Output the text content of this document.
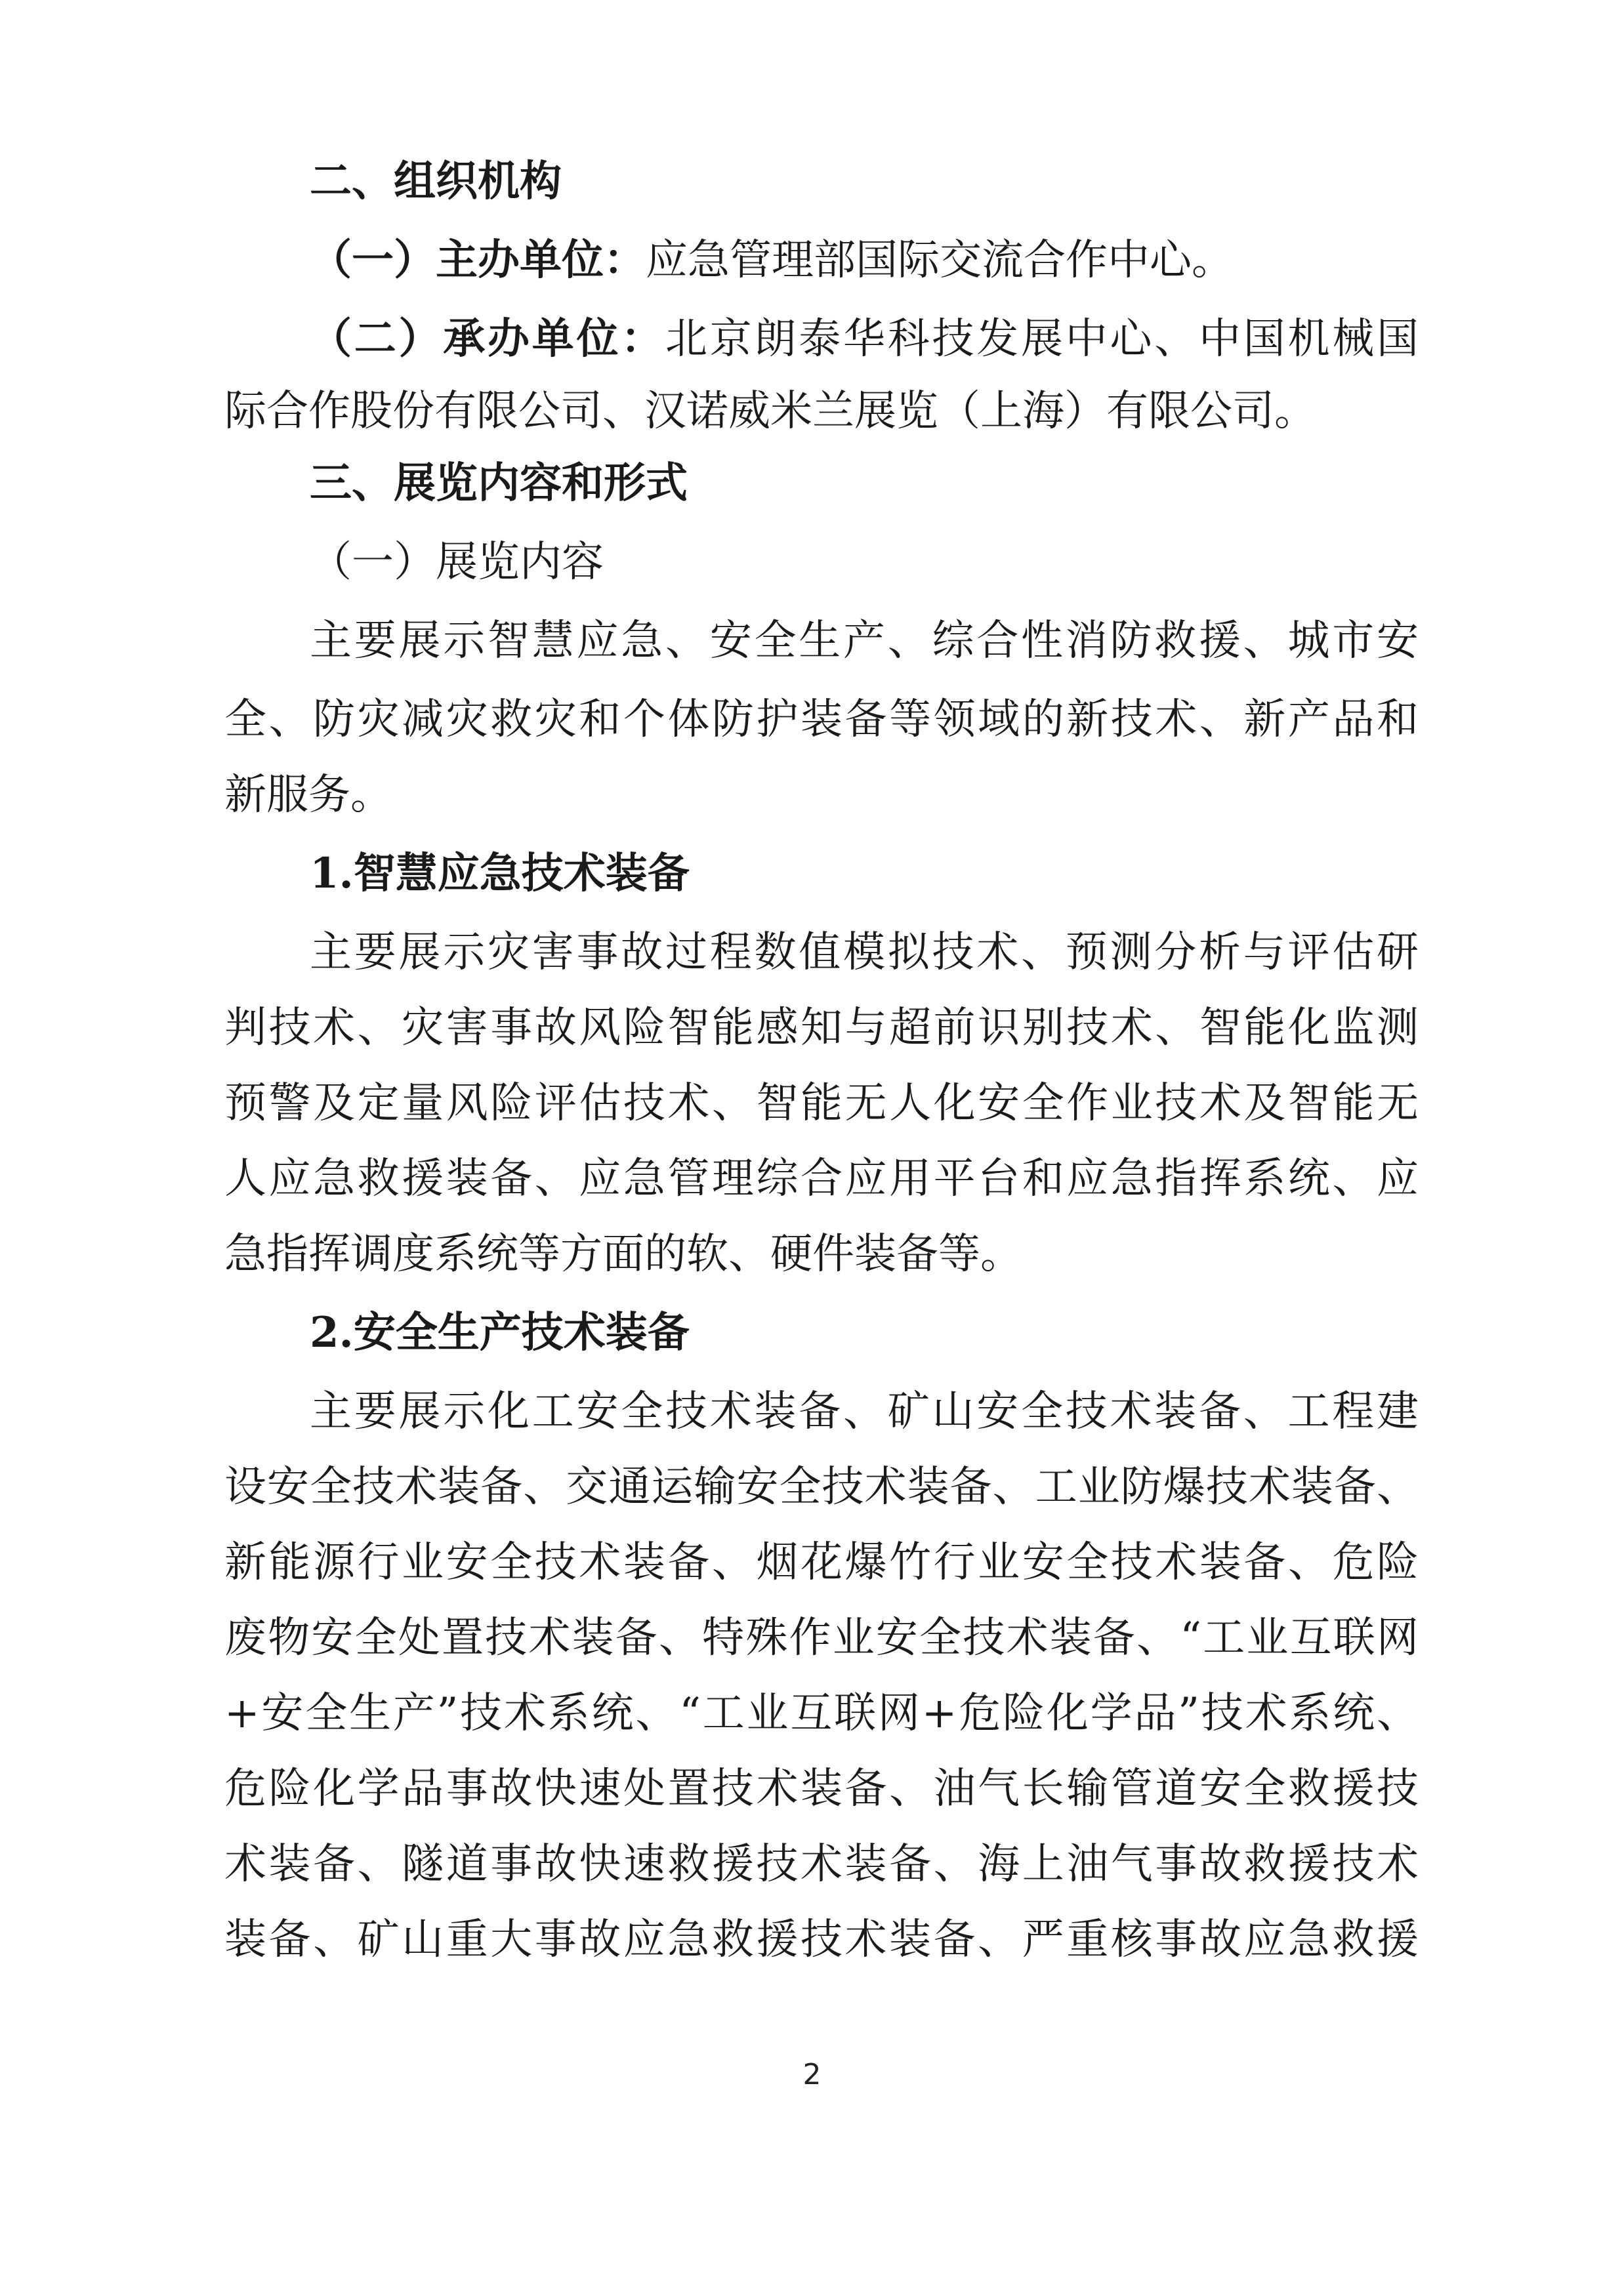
二、组织机构
（一）主办单位：应急管理部国际交流合作中心。
（二）承办单位：北京朗泰华科技发展中心、中国机械国
际合作股份有限公司、汉诺威米兰展览（上海）有限公司。
三、展览内容和形式
（一）展览内容
主要展示智慧应急、安全生产、综合性消防救援、城市安
全、防灾减灾救灾和个体防护装备等领域的新技术、新产品和
新服务。
1.智慧应急技术装备
主要展示灾害事故过程数值模拟技术、预测分析与评估研
判技术、灾害事故风险智能感知与超前识别技术、智能化监测
预警及定量风险评估技术、智能无人化安全作业技术及智能无
人应急救援装备、应急管理综合应用平台和应急指挥系统、应
急指挥调度系统等方面的软、硬件装备等。
2.安全生产技术装备
主要展示化工安全技术装备、矿山安全技术装备、工程建
设安全技术装备、交通运输安全技术装备、工业防爆技术装备、
新能源行业安全技术装备、烟花爆竹行业安全技术装备、危险
废物安全处置技术装备、特殊作业安全技术装备、“工业互联网
+安全生产”技术系统、“工业互联网+危险化学品”技术系统、
危险化学品事故快速处置技术装备、油气长输管道安全救援技
术装备、隧道事故快速救援技术装备、海上油气事故救援技术
装备、矿山重大事故应急救援技术装备、严重核事故应急救援
2
